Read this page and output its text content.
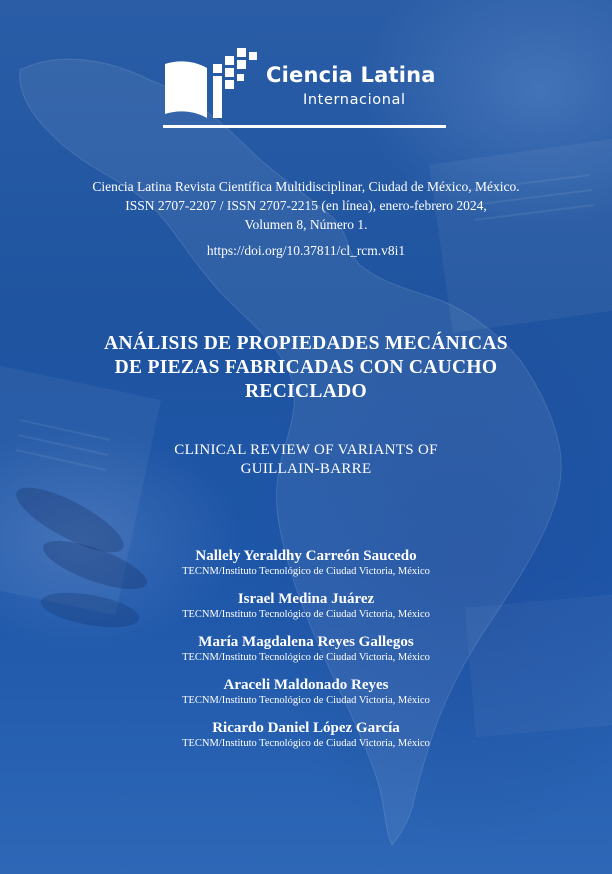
Ciencia Latina
Internacional
Ciencia Latina Revista Científica Multidisciplinar, Ciudad de México, México.
ISSN 2707-2207 / ISSN 2707-2215 (en línea), enero-febrero 2024,
Volumen 8, Número 1.
https://doi.org/10.37811/cl_rcm.v8i1
ANÁLISIS DE PROPIEDADES MECÁNICAS
DE PIEZAS FABRICADAS CON CAUCHO
RECICLADO
CLINICAL REVIEW OF VARIANTS OF
GUILLAIN-BARRE
Nallely Yeraldhy Carreón Saucedo
TECNM/Instituto Tecnológico de Ciudad Victoria, México
Israel Medina Juárez
TECNM/Instituto Tecnológico de Ciudad Victoria, México
María Magdalena Reyes Gallegos
TECNM/Instituto Tecnológico de Ciudad Victoria, México
Araceli Maldonado Reyes
TECNM/Instituto Tecnológico de Ciudad Victoria, México
Ricardo Daniel López García
TECNM/Instituto Tecnológico de Ciudad Victoria, México
